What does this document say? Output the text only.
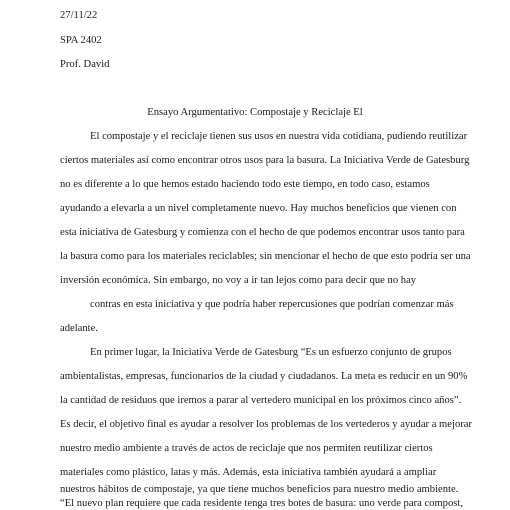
27/11/22

SPA 2402

Prof. David

Ensayo Argumentativo: Compostaje y Reciclaje El

El compostaje y el reciclaje tienen sus usos en nuestra vida cotidiana, pudiendo reutilizar

ciertos materiales así como encontrar otros usos para la basura. La Iniciativa Verde de Gatesburg

no es diferente a lo que hemos estado haciendo todo este tiempo, en todo caso, estamos

ayudando a elevarla a un nivel completamente nuevo. Hay muchos beneficios que vienen con

esta iniciativa de Gatesburg y comienza con el hecho de que podemos encontrar usos tanto para

la basura como para los materiales reciclables; sin mencionar el hecho de que esto podría ser una

inversión económica. Sin embargo, no voy a ir tan lejos como para decir que no hay

contras en esta iniciativa y que podría haber repercusiones que podrían comenzar más

adelante.

En primer lugar, la Iniciativa Verde de Gatesburg “Es un esfuerzo conjunto de grupos

ambientalistas, empresas, funcionarios de la ciudad y ciudadanos. La meta es reducir en un 90%

la cantidad de residuos que iremos a parar al vertedero municipal en los próximos cinco años”.

Es decir, el objetivo final es ayudar a resolver los problemas de los vertederos y ayudar a mejorar

nuestro medio ambiente a través de actos de reciclaje que nos permiten reutilizar ciertos

materiales como plástico, latas y más. Además, esta iniciativa también ayudará a ampliar

nuestros hábitos de compostaje, ya que tiene muchos beneficios para nuestro medio ambiente.

“El nuevo plan requiere que cada residente tenga tres botes de basura: uno verde para compost,
